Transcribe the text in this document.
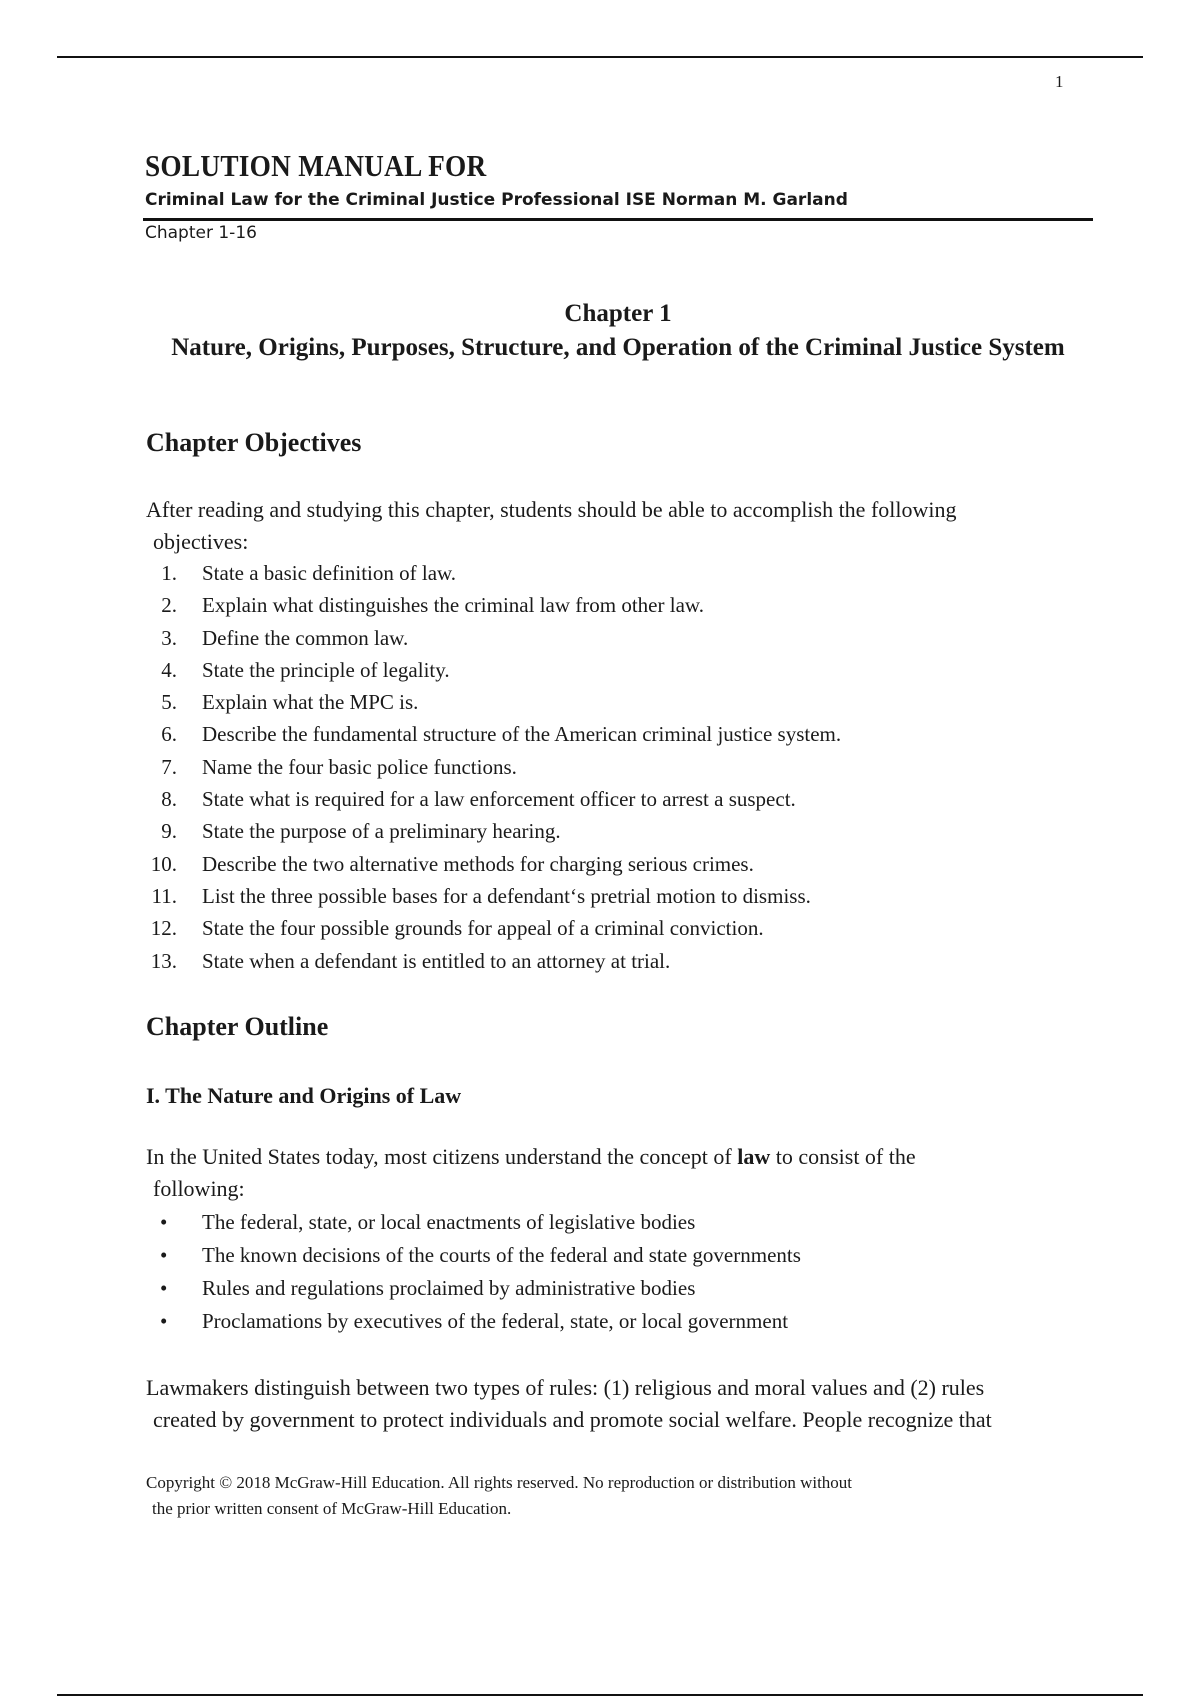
1
SOLUTION MANUAL FOR
Criminal Law for the Criminal Justice Professional ISE Norman M. Garland
Chapter 1-16
Chapter 1
Nature, Origins, Purposes, Structure, and Operation of the Criminal Justice System
Chapter Objectives
After reading and studying this chapter, students should be able to accomplish the following
objectives:
1. State a basic definition of law.
2. Explain what distinguishes the criminal law from other law.
3. Define the common law.
4. State the principle of legality.
5. Explain what the MPC is.
6. Describe the fundamental structure of the American criminal justice system.
7. Name the four basic police functions.
8. State what is required for a law enforcement officer to arrest a suspect.
9. State the purpose of a preliminary hearing.
10. Describe the two alternative methods for charging serious crimes.
11. List the three possible bases for a defendant‘s pretrial motion to dismiss.
12. State the four possible grounds for appeal of a criminal conviction.
13. State when a defendant is entitled to an attorney at trial.
Chapter Outline
I. The Nature and Origins of Law
In the United States today, most citizens understand the concept of law to consist of the
following:
• The federal, state, or local enactments of legislative bodies
• The known decisions of the courts of the federal and state governments
• Rules and regulations proclaimed by administrative bodies
• Proclamations by executives of the federal, state, or local government
Lawmakers distinguish between two types of rules: (1) religious and moral values and (2) rules
created by government to protect individuals and promote social welfare. People recognize that
Copyright © 2018 McGraw-Hill Education. All rights reserved. No reproduction or distribution without
the prior written consent of McGraw-Hill Education.
